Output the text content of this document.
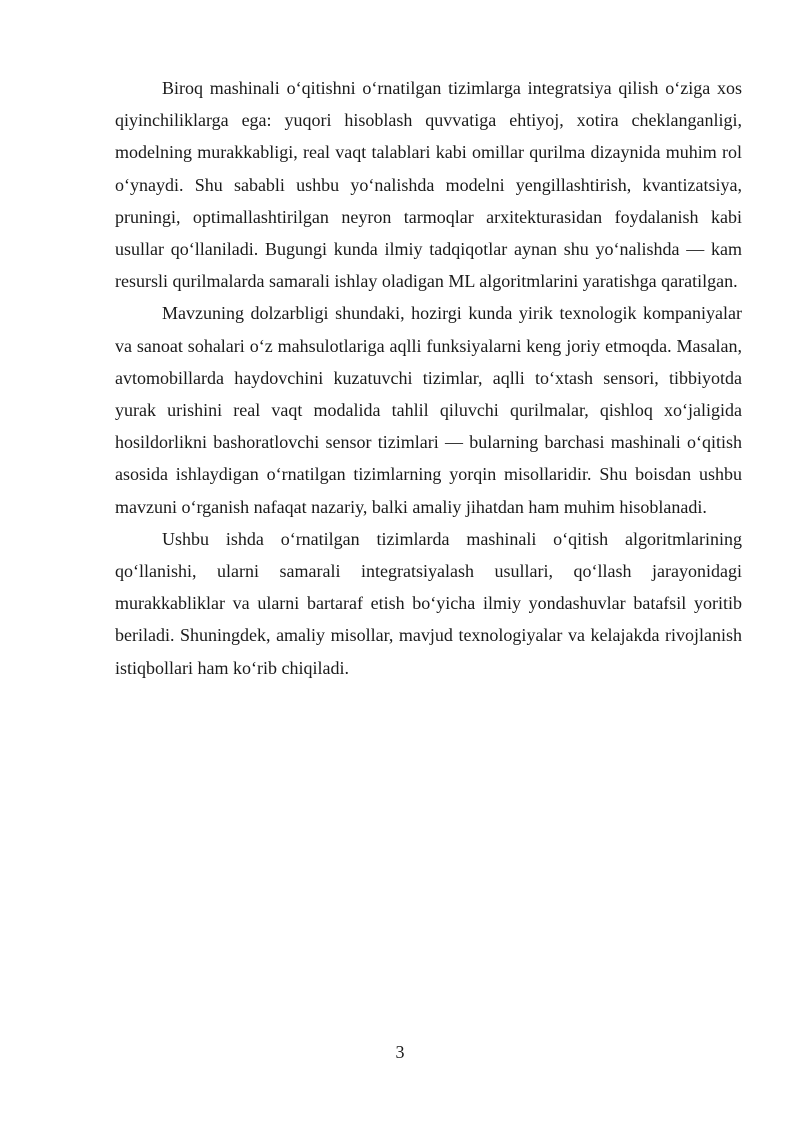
Biroq mashinali o‘qitishni o‘rnatilgan tizimlarga integratsiya qilish o‘ziga xos qiyinchiliklarga ega: yuqori hisoblash quvvatiga ehtiyoj, xotira cheklanganligi, modelning murakkabligi, real vaqt talablari kabi omillar qurilma dizaynida muhim rol o‘ynaydi. Shu sababli ushbu yo‘nalishda modelni yengillashtirish, kvantizatsiya, pruningi, optimallashtirilgan neyron tarmoqlar arxitekturasidan foydalanish kabi usullar qo‘llaniladi. Bugungi kunda ilmiy tadqiqotlar aynan shu yo‘nalishda — kam resursli qurilmalarda samarali ishlay oladigan ML algoritmlarini yaratishga qaratilgan.

Mavzuning dolzarbligi shundaki, hozirgi kunda yirik texnologik kompaniyalar va sanoat sohalari o‘z mahsulotlariga aqlli funksiyalarni keng joriy etmoqda. Masalan, avtomobillarda haydovchini kuzatuvchi tizimlar, aqlli to‘xtash sensori, tibbiyotda yurak urishini real vaqt modalida tahlil qiluvchi qurilmalar, qishloq xo‘jaligida hosildorlikni bashoratlovchi sensor tizimlari — bularning barchasi mashinali o‘qitish asosida ishlaydigan o‘rnatilgan tizimlarning yorqin misollaridir. Shu boisdan ushbu mavzuni o‘rganish nafaqat nazariy, balki amaliy jihatdan ham muhim hisoblanadi.

Ushbu ishda o‘rnatilgan tizimlarda mashinali o‘qitish algoritmlarining qo‘llanishi, ularni samarali integratsiyalash usullari, qo‘llash jarayonidagi murakkabliklar va ularni bartaraf etish bo‘yicha ilmiy yondashuvlar batafsil yoritib beriladi. Shuningdek, amaliy misollar, mavjud texnologiyalar va kelajakda rivojlanish istiqbollari ham ko‘rib chiqiladi.

3
